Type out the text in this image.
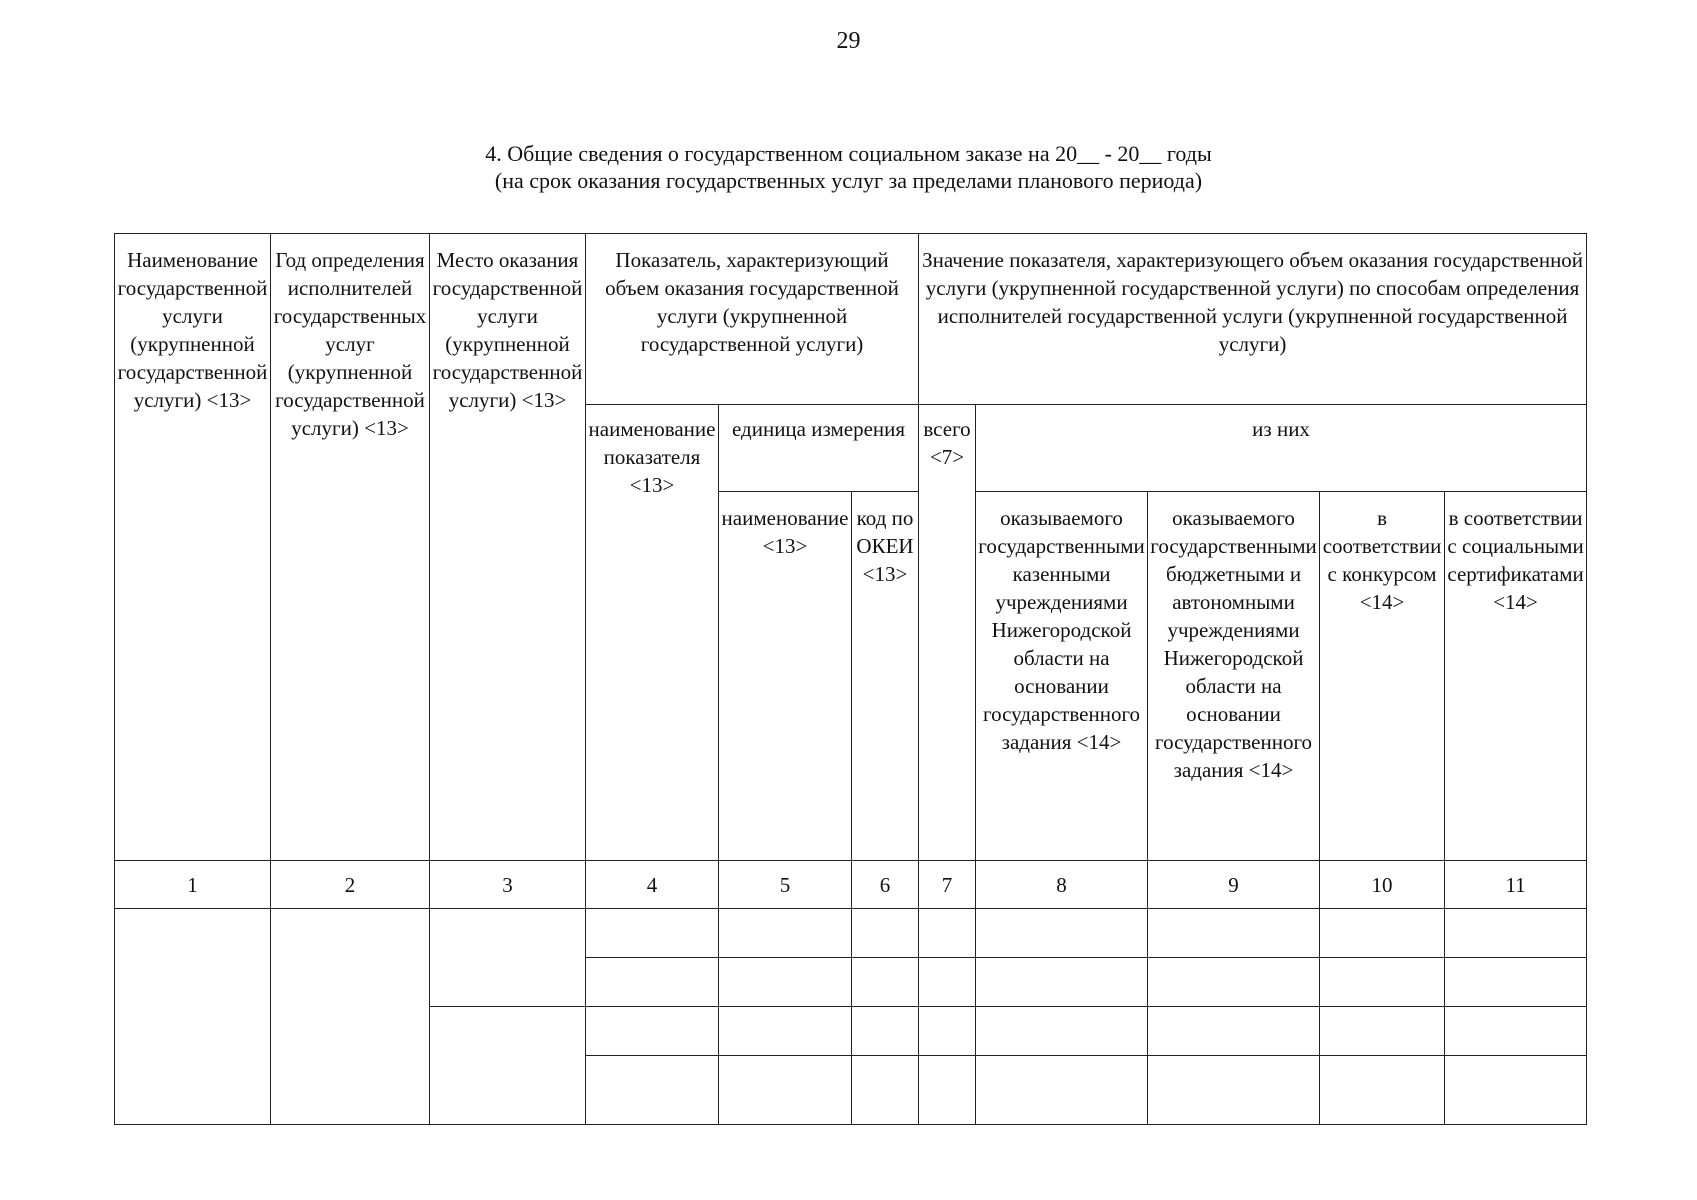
29
4. Общие сведения о государственном социальном заказе на 20__ - 20__ годы
(на срок оказания государственных услуг за пределами планового периода)
Наименование государственной услуги (укрупненной государственной услуги) <13>	Год определения исполнителей государственных услуг (укрупненной государственной услуги) <13>	Место оказания государственной услуги (укрупненной государственной услуги) <13>	Показатель, характеризующий объем оказания государственной услуги (укрупненной государственной услуги)			Значение показателя, характеризующего объем оказания государственной услуги (укрупненной государственной услуги) по способам определения исполнителей государственной услуги (укрупненной государственной услуги)				
			наименование показателя <13>	единица измерения		всего <7>	из них			
				наименование <13>	код по ОКЕИ <13>		оказываемого государственными казенными учреждениями Нижегородской области на основании государственного задания <14>	оказываемого государственными бюджетными и автономными учреждениями Нижегородской области на основании государственного задания <14>	в соответствии с конкурсом <14>	в соответствии с социальными сертификатами <14>
1	2	3	4	5	6	7	8	9	10	11
